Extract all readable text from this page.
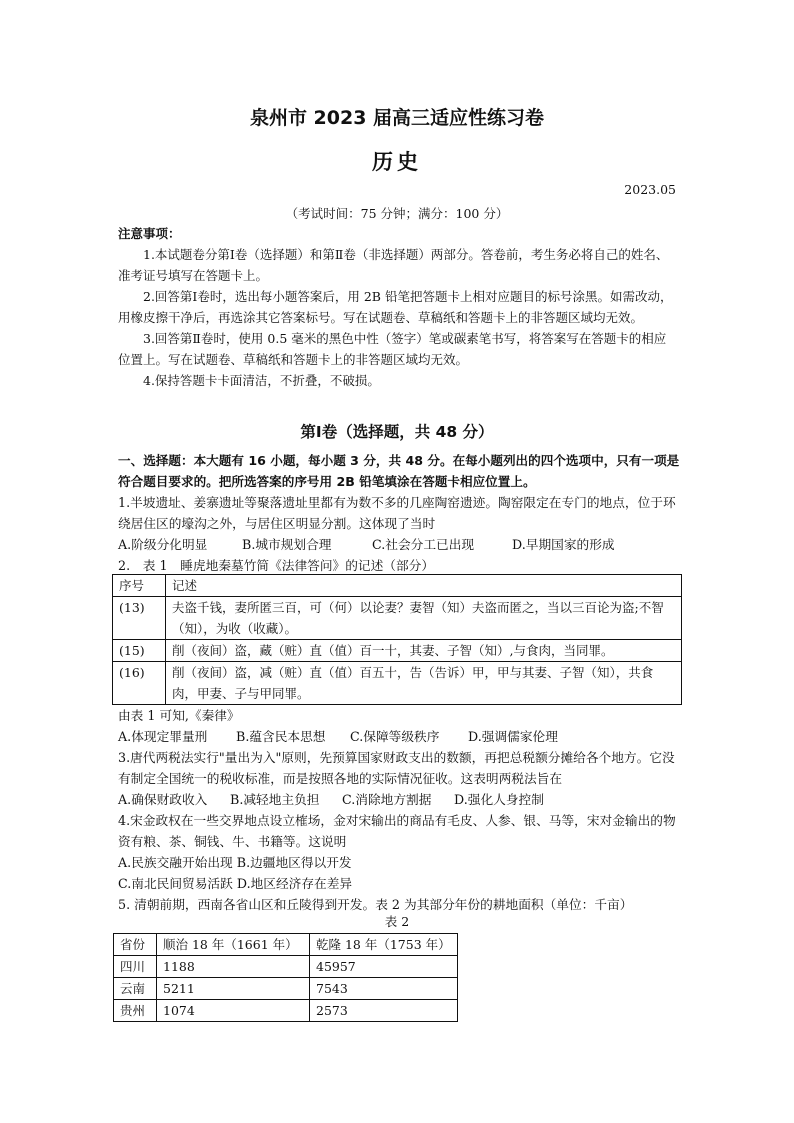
泉州市 2023 届高三适应性练习卷
历史
2023.05
（考试时间：75 分钟；满分：100 分）

注意事项：

1.本试题卷分第Ⅰ卷（选择题）和第Ⅱ卷（非选择题）两部分。答卷前，考生务必将自己的姓名、准考证号填写在答题卡上。

2.回答第Ⅰ卷时，选出每小题答案后，用 2B 铅笔把答题卡上相对应题目的标号涂黑。如需改动，用橡皮擦干净后，再选涂其它答案标号。写在试题卷、草稿纸和答题卡上的非答题区域均无效。

3.回答第Ⅱ卷时，使用 0.5 毫米的黑色中性（签字）笔或碳素笔书写，将答案写在答题卡的相应位置上。写在试题卷、草稿纸和答题卡上的非答题区域均无效。

4.保持答题卡卡面清洁，不折叠，不破损。

第Ⅰ卷（选择题，共 48 分）
一、选择题：本大题有 16 小题，每小题 3 分，共 48 分。在每小题列出的四个选项中，只有一项是符合题目要求的。把所选答案的序号用 2B 铅笔填涂在答题卡相应位置上。

1.半坡遗址、姜寨遗址等聚落遗址里都有为数不多的几座陶窑遗迹。陶窑限定在专门的地点，位于环绕居住区的壕沟之外，与居住区明显分割。这体现了当时

A.阶级分化明显	B.城市规划合理	C.社会分工已出现	D.早期国家的形成

2.　表 1　睡虎地秦墓竹简《法律答问》的记述（部分）

序号	记述
(13)	夫盗千钱，妻所匿三百，可（何）以论妻？妻智（知）夫盗而匿之，当以三百论为盗;不智（知），为收（收藏）。
(15)	削（夜间）盗，藏（赃）直（值）百一十，其妻、子智（知）,与食肉，当同罪。
(16)	削（夜间）盗，减（赃）直（值）百五十，告（告诉）甲，甲与其妻、子智（知），共食肉，甲妻、子与甲同罪。

由表 1 可知,《秦律》

A.体现定罪量刑 B.蕴含民本思想 C.保障等级秩序 D.强调儒家伦理

3.唐代两税法实行"量出为入"原则，先预算国家财政支出的数额，再把总税额分摊给各个地方。它没有制定全国统一的税收标准，而是按照各地的实际情况征收。这表明两税法旨在

A.确保财政收入 B.减轻地主负担 C.消除地方割据 D.强化人身控制

4.宋金政权在一些交界地点设立榷场，金对宋输出的商品有毛皮、人参、银、马等，宋对金输出的物资有粮、茶、铜钱、牛、书籍等。这说明

A.民族交融开始出现 B.边疆地区得以开发

C.南北民间贸易活跃 D.地区经济存在差异

5. 清朝前期，西南各省山区和丘陵得到开发。表 2 为其部分年份的耕地面积（单位：千亩）

表 2
省份	顺治 18 年（1661 年）	乾隆 18 年（1753 年）
四川	1188	45957
云南	5211	7543
贵州	1074	2573
